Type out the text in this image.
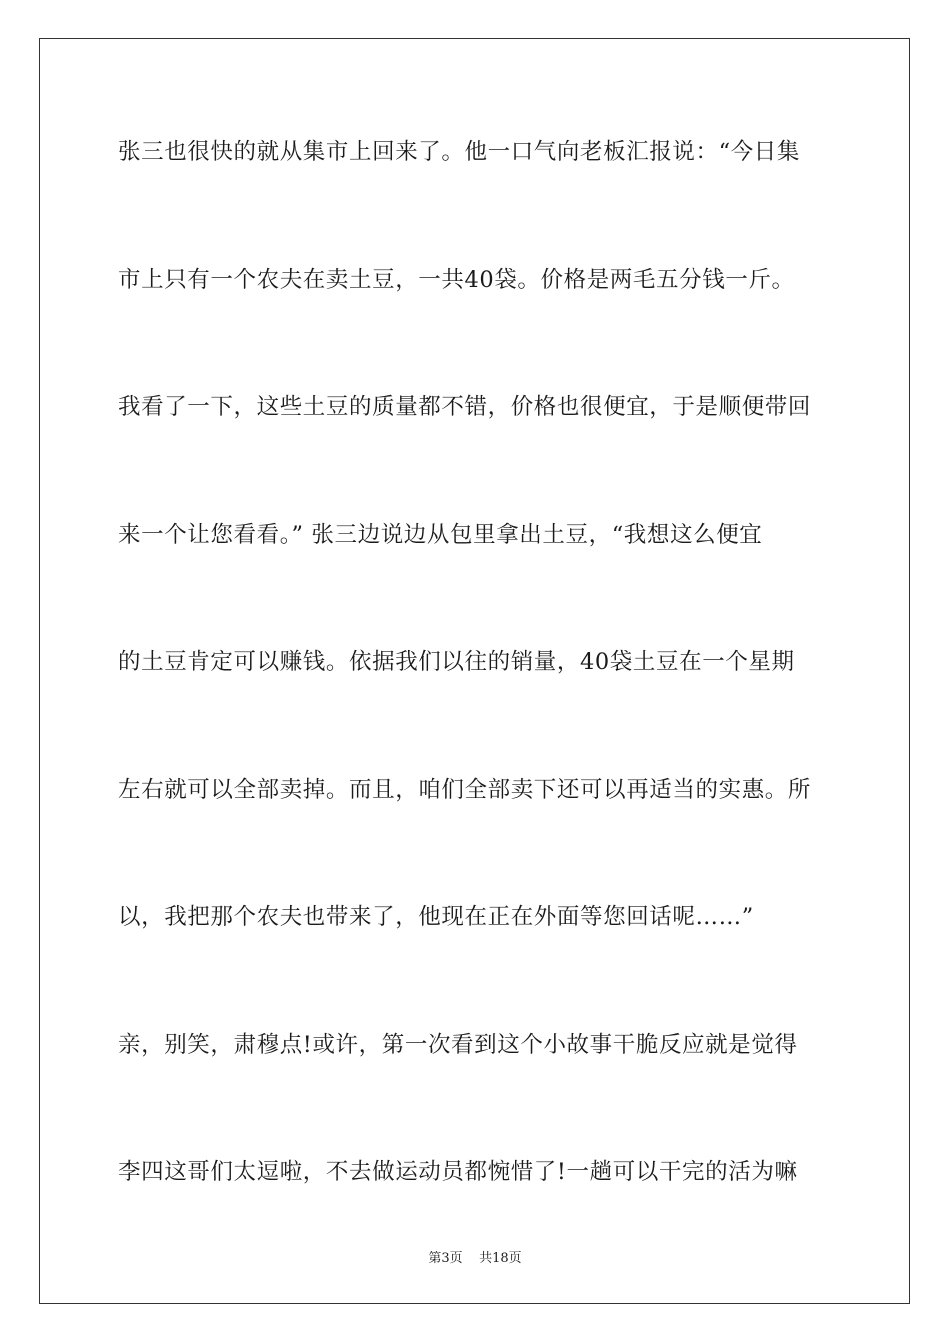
张三也很快的就从集市上回来了。他一口气向老板汇报说：“今日集
市上只有一个农夫在卖土豆，一共40袋。价格是两毛五分钱一斤。
我看了一下，这些土豆的质量都不错，价格也很便宜，于是顺便带回
来一个让您看看。” 张三边说边从包里拿出土豆，“我想这么便宜
的土豆肯定可以赚钱。依据我们以往的销量，40袋土豆在一个星期
左右就可以全部卖掉。而且，咱们全部卖下还可以再适当的实惠。所
以，我把那个农夫也带来了，他现在正在外面等您回话呢……”
亲，别笑，肃穆点!或许，第一次看到这个小故事干脆反应就是觉得
李四这哥们太逗啦，不去做运动员都惋惜了!一趟可以干完的活为嘛
第3页 共18页
